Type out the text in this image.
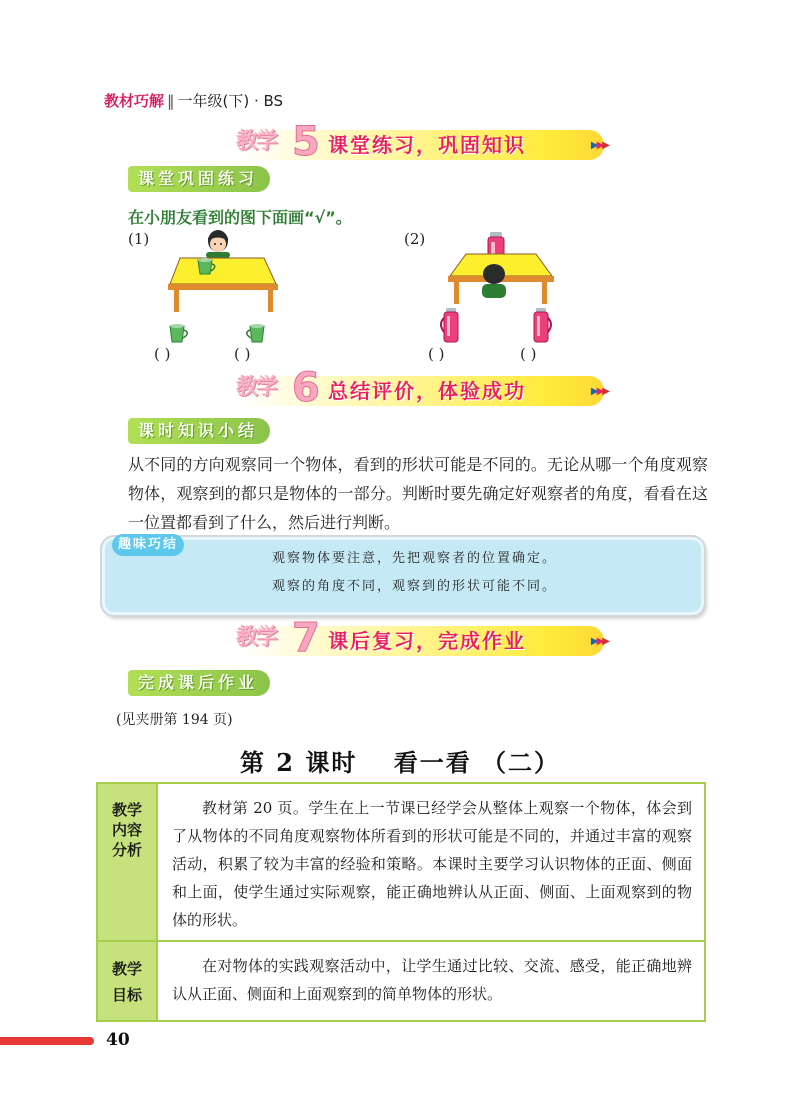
教材巧解 ‖ 一年级(下) · BS
教学 5 课堂练习，巩固知识	▶▶▶
课堂巩固练习
在小朋友看到的图下面画“√”。
(1)
( )	( )
(2)
( )	( )
教学 6 总结评价，体验成功	▶▶▶
课时知识小结
从不同的方向观察同一个物体，看到的形状可能是不同的。无论从哪一个角度观察物体，观察到的都只是物体的一部分。判断时要先确定好观察者的角度，看看在这一位置都看到了什么，然后进行判断。
趣味巧结
观察物体要注意，先把观察者的位置确定。
观察的角度不同，观察到的形状可能不同。
教学 7 课后复习，完成作业	▶▶▶
完成课后作业
(见夹册第 194 页)
第 2 课时　 看一看 （二）
教学内容分析
教材第 20 页。学生在上一节课已经学会从整体上观察一个物体，体会到了从物体的不同角度观察物体所看到的形状可能是不同的，并通过丰富的观察活动，积累了较为丰富的经验和策略。本课时主要学习认识物体的正面、侧面和上面，使学生通过实际观察，能正确地辨认从正面、侧面、上面观察到的物体的形状。
教学目标
在对物体的实践观察活动中，让学生通过比较、交流、感受，能正确地辨认从正面、侧面和上面观察到的简单物体的形状。
40
